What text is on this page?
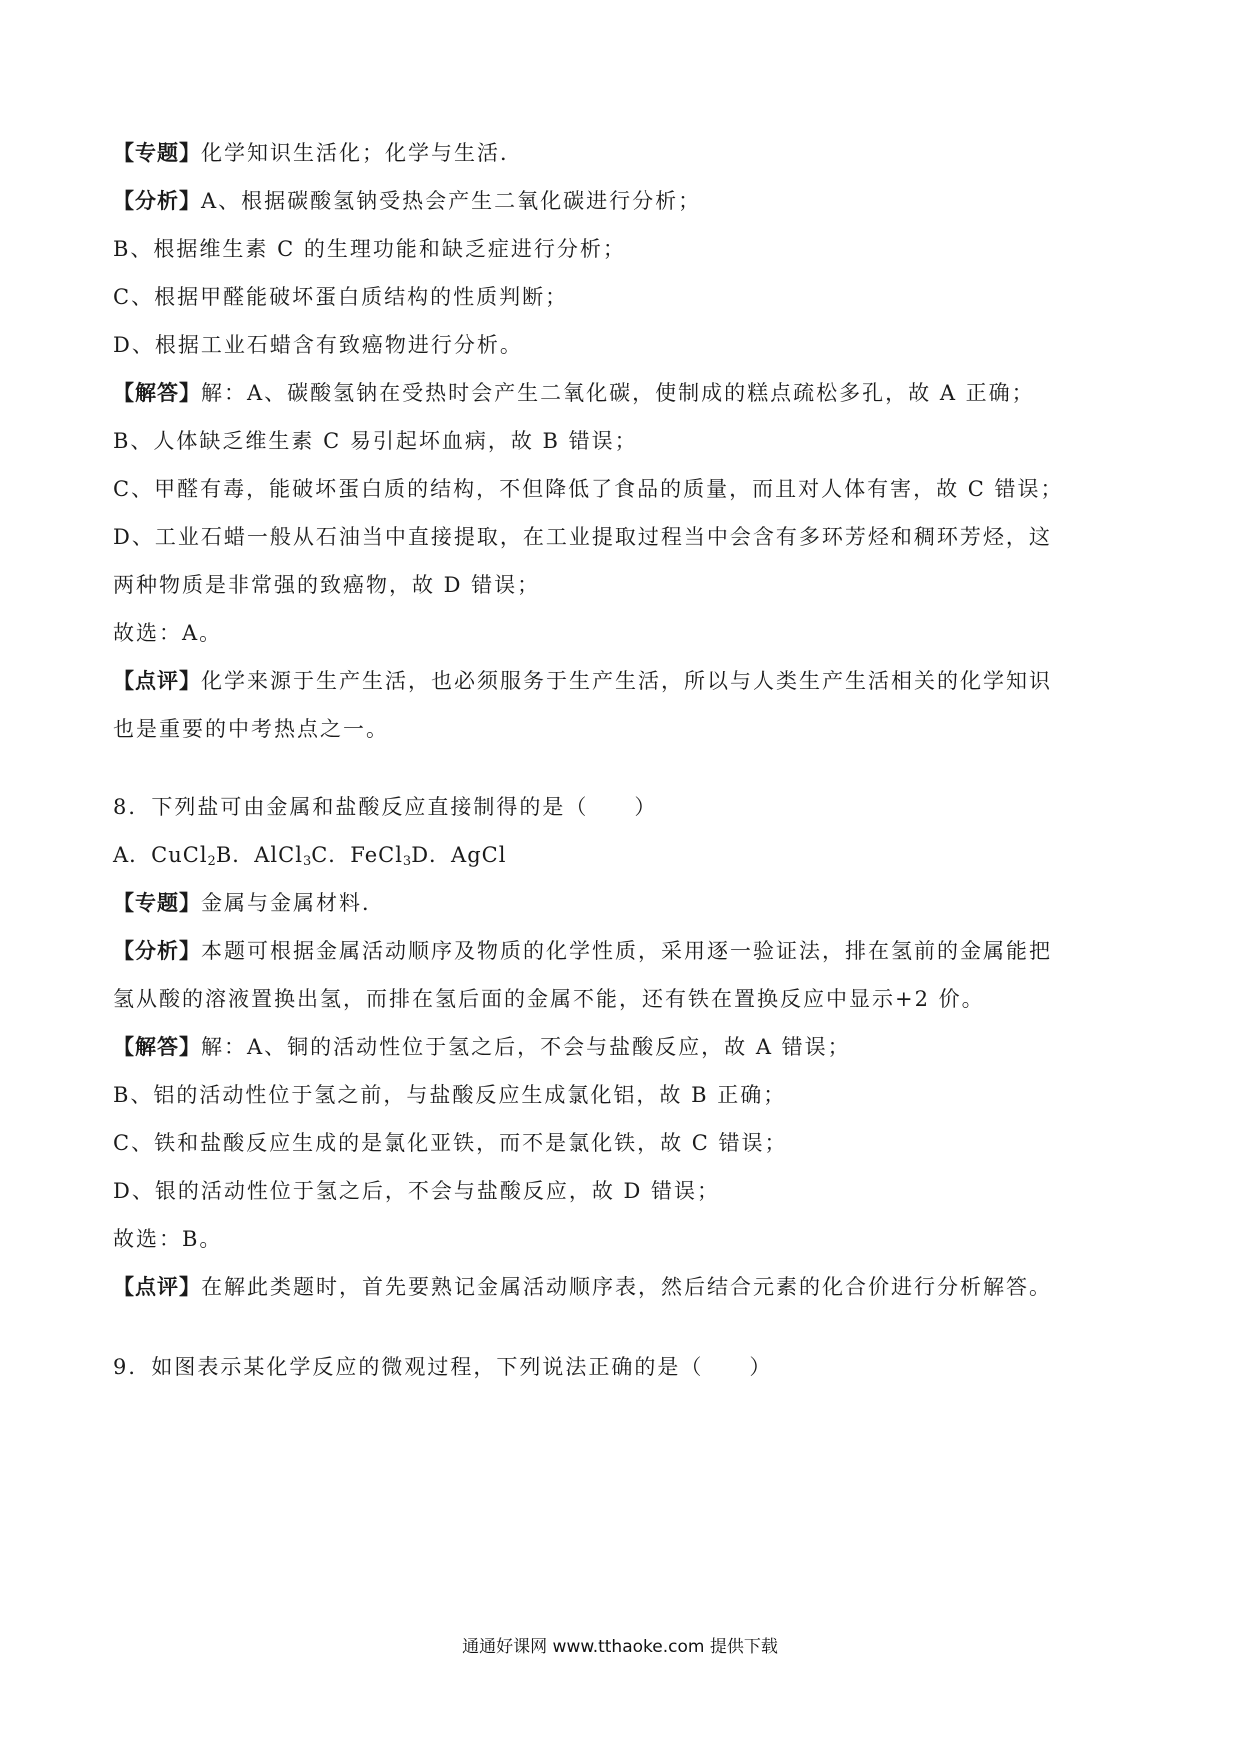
【专题】化学知识生活化；化学与生活．
【分析】A、根据碳酸氢钠受热会产生二氧化碳进行分析；
B、根据维生素 C 的生理功能和缺乏症进行分析；
C、根据甲醛能破坏蛋白质结构的性质判断；
D、根据工业石蜡含有致癌物进行分析。
【解答】解：A、碳酸氢钠在受热时会产生二氧化碳，使制成的糕点疏松多孔，故 A 正确；
B、人体缺乏维生素 C 易引起坏血病，故 B 错误；
C、甲醛有毒，能破坏蛋白质的结构，不但降低了食品的质量，而且对人体有害，故 C 错误；
D、工业石蜡一般从石油当中直接提取，在工业提取过程当中会含有多环芳烃和稠环芳烃，这
两种物质是非常强的致癌物，故 D 错误；
故选：A。
【点评】化学来源于生产生活，也必须服务于生产生活，所以与人类生产生活相关的化学知识
也是重要的中考热点之一。
8．下列盐可由金属和盐酸反应直接制得的是（　　）
A．CuCl$_2$B．AlCl$_3$C．FeCl$_3$D．AgCl
【专题】金属与金属材料．
【分析】本题可根据金属活动顺序及物质的化学性质，采用逐一验证法，排在氢前的金属能把
氢从酸的溶液置换出氢，而排在氢后面的金属不能，还有铁在置换反应中显示+2 价。
【解答】解：A、铜的活动性位于氢之后，不会与盐酸反应，故 A 错误；
B、铝的活动性位于氢之前，与盐酸反应生成氯化铝，故 B 正确；
C、铁和盐酸反应生成的是氯化亚铁，而不是氯化铁，故 C 错误；
D、银的活动性位于氢之后，不会与盐酸反应，故 D 错误；
故选：B。
【点评】在解此类题时，首先要熟记金属活动顺序表，然后结合元素的化合价进行分析解答。
9．如图表示某化学反应的微观过程，下列说法正确的是（　　）
通通好课网 www.tthaoke.com 提供下载
